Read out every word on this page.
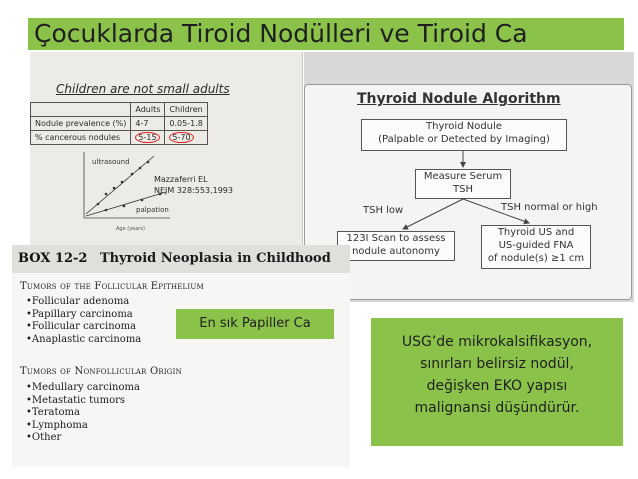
Çocuklarda Tiroid Nodülleri ve Tiroid Ca
Children are not small adults
	Adults	Children
Nodule prevalence (%)	4-7	0.05-1.8
% cancerous nodules	5-15	5-70
ultrasound
palpation
Mazzaferri EL
NEJM 328:553,1993
Age (years)
Thyroid Nodule Algorithm
Thyroid Nodule
(Palpable or Detected by Imaging)
Measure Serum
TSH
TSH low	TSH normal or high
123I Scan to assess
nodule autonomy
Thyroid US and
US-guided FNA
of nodule(s) ≥1 cm
BOX 12-2 Thyroid Neoplasia in Childhood
Tumors of the Follicular Epithelium
• Follicular adenoma
• Papillary carcinoma
• Follicular carcinoma
• Anaplastic carcinoma
Tumors of Nonfollicular Origin
• Medullary carcinoma
• Metastatic tumors
• Teratoma
• Lymphoma
• Other
En sık Papiller Ca
USG’de mikrokalsifikasyon,
sınırları belirsiz nodül,
değişken EKO yapısı
malignansi düşündürür.
